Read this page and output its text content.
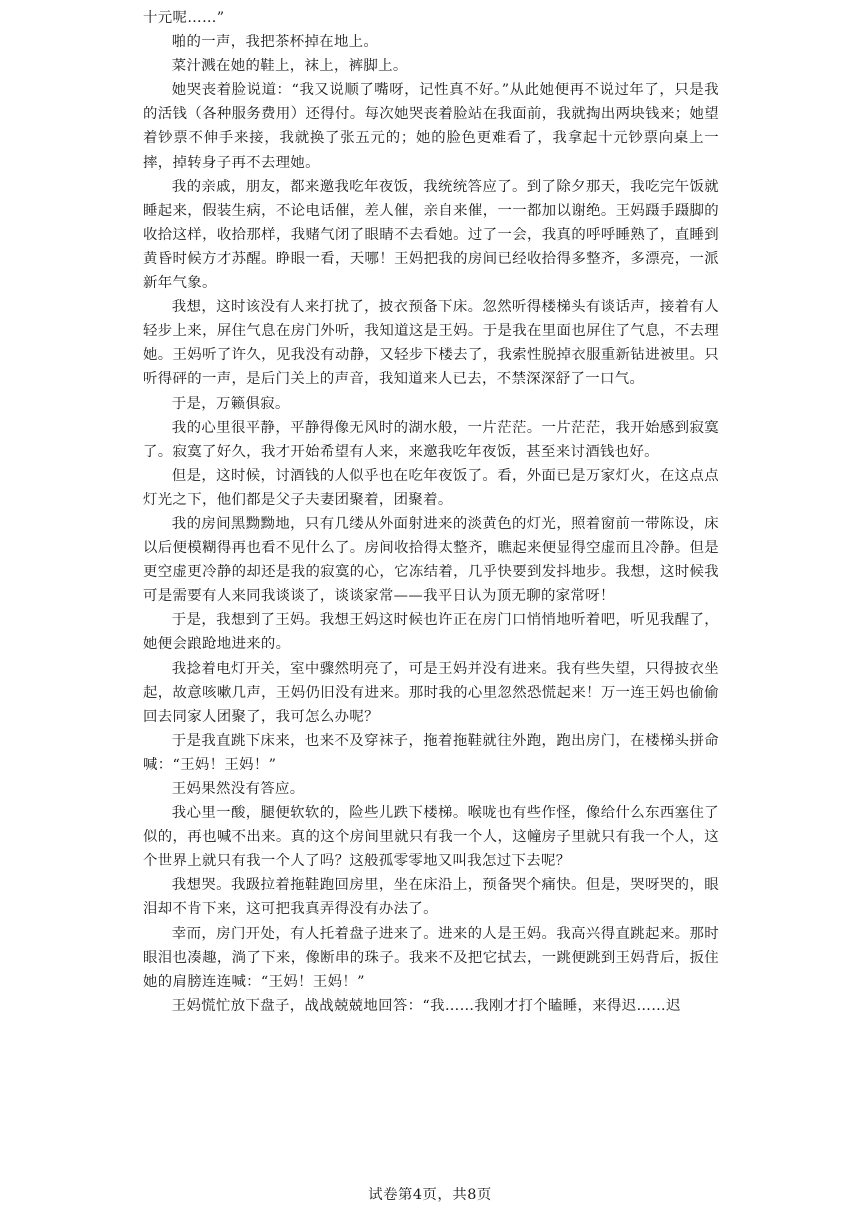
十元呢……”

啪的一声，我把茶杯掉在地上。

菜汁溅在她的鞋上，袜上，裤脚上。

她哭丧着脸说道：“我又说顺了嘴呀，记性真不好。”从此她便再不说过年了，只是我的活钱（各种服务费用）还得付。每次她哭丧着脸站在我面前，我就掏出两块钱来；她望着钞票不伸手来接，我就换了张五元的；她的脸色更难看了，我拿起十元钞票向桌上一摔，掉转身子再不去理她。

我的亲戚，朋友，都来邀我吃年夜饭，我统统答应了。到了除夕那天，我吃完午饭就睡起来，假装生病，不论电话催，差人催，亲自来催，一一都加以谢绝。王妈蹑手蹑脚的收拾这样，收拾那样，我赌气闭了眼睛不去看她。过了一会，我真的呼呼睡熟了，直睡到黄昏时候方才苏醒。睁眼一看，天哪！王妈把我的房间已经收拾得多整齐，多漂亮，一派新年气象。

我想，这时该没有人来打扰了，披衣预备下床。忽然听得楼梯头有谈话声，接着有人轻步上来，屏住气息在房门外听，我知道这是王妈。于是我在里面也屏住了气息，不去理她。王妈听了许久，见我没有动静，又轻步下楼去了，我索性脱掉衣服重新钻进被里。只听得砰的一声，是后门关上的声音，我知道来人已去，不禁深深舒了一口气。

于是，万籁俱寂。

我的心里很平静，平静得像无风时的湖水般，一片茫茫。一片茫茫，我开始感到寂寞了。寂寞了好久，我才开始希望有人来，来邀我吃年夜饭，甚至来讨酒钱也好。

但是，这时候，讨酒钱的人似乎也在吃年夜饭了。看，外面已是万家灯火，在这点点灯光之下，他们都是父子夫妻团聚着，团聚着。

我的房间黑黝黝地，只有几缕从外面射进来的淡黄色的灯光，照着窗前一带陈设，床以后便模糊得再也看不见什么了。房间收拾得太整齐，瞧起来便显得空虚而且冷静。但是更空虚更冷静的却还是我的寂寞的心，它冻结着，几乎快要到发抖地步。我想，这时候我可是需要有人来同我谈谈了，谈谈家常——我平日认为顶无聊的家常呀！

于是，我想到了王妈。我想王妈这时候也许正在房门口悄悄地听着吧，听见我醒了，她便会踉跄地进来的。

我捻着电灯开关，室中骤然明亮了，可是王妈并没有进来。我有些失望，只得披衣坐起，故意咳嗽几声，王妈仍旧没有进来。那时我的心里忽然恐慌起来！万一连王妈也偷偷回去同家人团聚了，我可怎么办呢？

于是我直跳下床来，也来不及穿袜子，拖着拖鞋就往外跑，跑出房门，在楼梯头拼命喊：“王妈！王妈！”

王妈果然没有答应。

我心里一酸，腿便软软的，险些儿跌下楼梯。喉咙也有些作怪，像给什么东西塞住了似的，再也喊不出来。真的这个房间里就只有我一个人，这幢房子里就只有我一个人，这个世界上就只有我一个人了吗？这般孤零零地又叫我怎过下去呢？

我想哭。我趿拉着拖鞋跑回房里，坐在床沿上，预备哭个痛快。但是，哭呀哭的，眼泪却不肯下来，这可把我真弄得没有办法了。

幸而，房门开处，有人托着盘子进来了。进来的人是王妈。我高兴得直跳起来。那时眼泪也凑趣，淌了下来，像断串的珠子。我来不及把它拭去，一跳便跳到王妈背后，扳住她的肩膀连连喊：“王妈！王妈！”

王妈慌忙放下盘子，战战兢兢地回答：“我……我刚才打个瞌睡，来得迟……迟

试卷第4页，共8页
